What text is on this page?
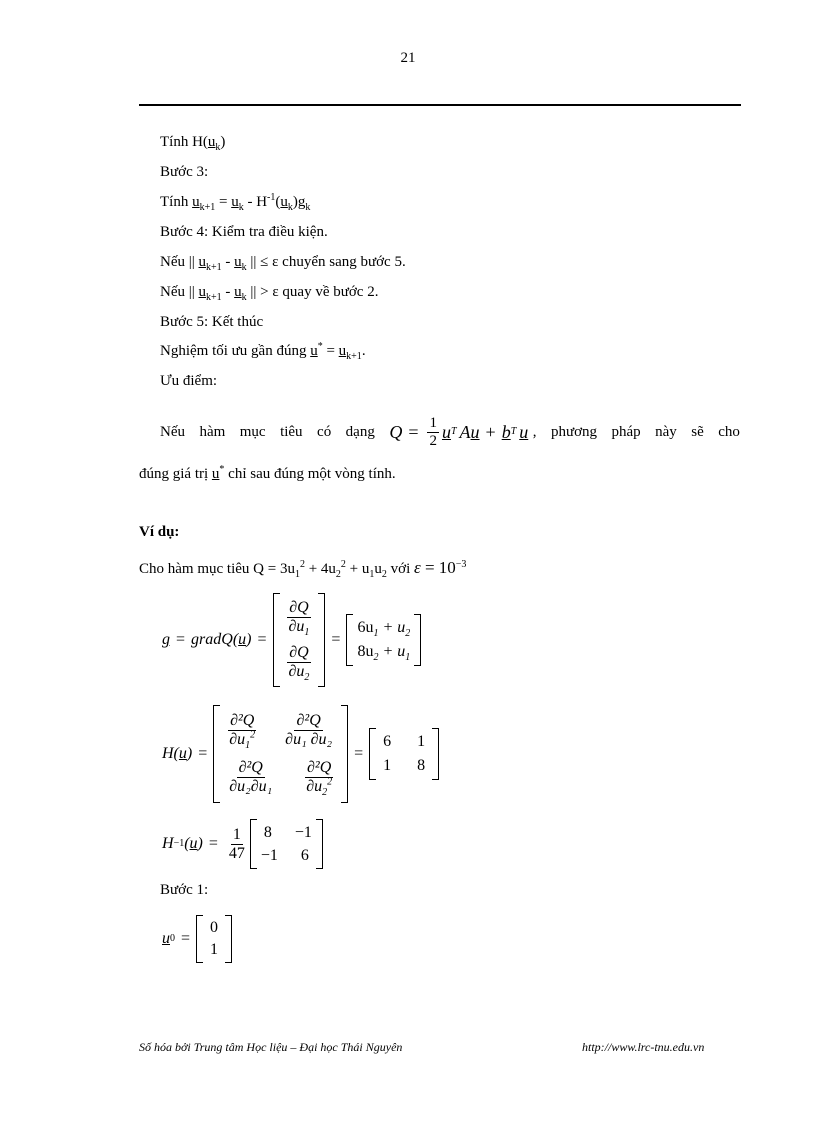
21
Tính $H(u_k)$
Bước 3:
Tính $u_{k+1} = u_k - H^{-1}(u_k)g_k$
Bước 4: Kiểm tra điều kiện.
Nếu || $u_{k+1} - u_k$ || ≤ ε chuyển sang bước 5.
Nếu || $u_{k+1} - u_k$ || > ε quay về bước 2.
Bước 5: Kết thúc
Nghiệm tối ưu gần đúng $u^* = u_{k+1}$.
Ưu điểm:
Nếu hàm mục tiêu có dạng $Q = \frac{1}{2}$ u T A u + b T u , phương pháp này sẽ cho
đúng giá trị u* chỉ sau đúng một vòng tính.
Ví dụ:
Cho hàm mục tiêu $Q = 3u_1^2 + 4u_2^2 + u_1u_2$ với $\varepsilon = 10^{-3}$
g = gradQ( u ) =
$\frac{\partial Q}{\partial u_1}$
$\frac{\partial Q}{\partial u_2}$
=
$6u_1 + u_2$
$8u_2 + u_1$
H( u ) =
$\frac{\text{∂²Q}}{\partial u_1^2} \frac{\text{∂²Q}}{\text{∂u₁ ∂u₂}}$
$\frac{\text{∂²Q}}{\text{∂u₂∂u₁}} \frac{\text{∂²Q}}{\partial u_2^2}$
=
6 1
1 8
H −1 ( u ) = $\frac{1}{47} 8 -1$
−1 6
Bước 1:
u 0 =
0
1
Số hóa bởi Trung tâm Học liệu – Đại học Thái Nguyên	http://www.lrc-tnu.edu.vn
